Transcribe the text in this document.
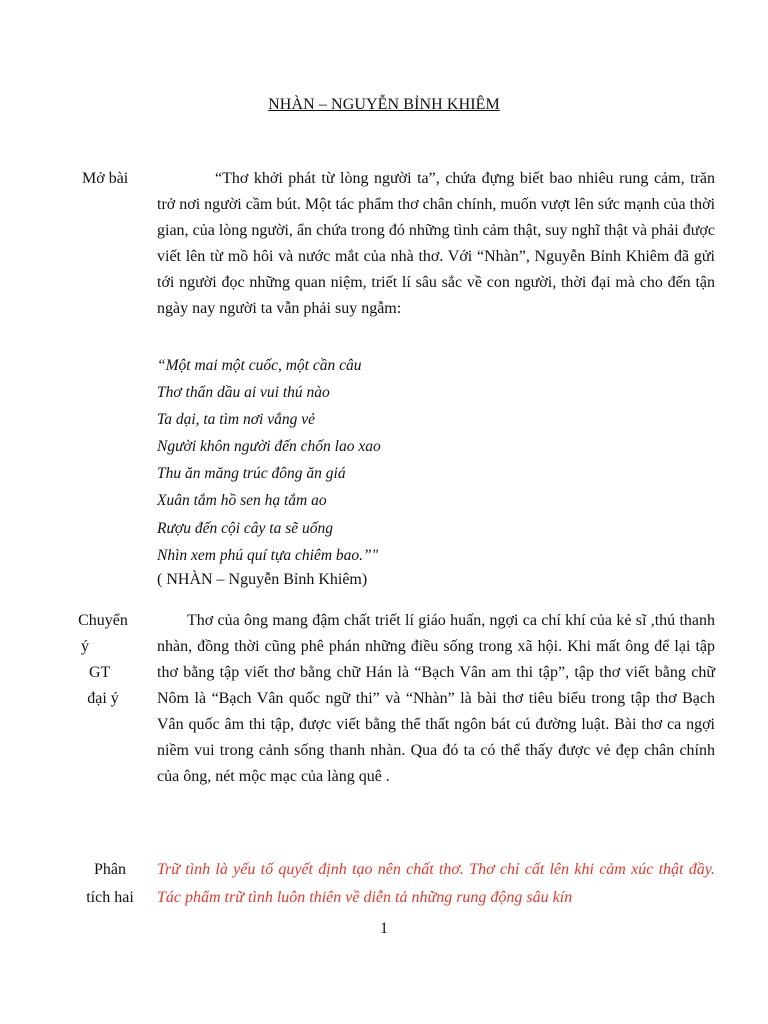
NHÀN – NGUYỄN BỈNH KHIÊM
Mở bài	“Thơ khởi phát từ lòng người ta”, chứa đựng biết bao nhiêu rung cảm, trăn trở nơi người cầm bút. Một tác phẩm thơ chân chính, muốn vượt lên sức mạnh của thời gian, của lòng người, ẩn chứa trong đó những tình cảm thật, suy nghĩ thật và phải được viết lên từ mồ hôi và nước mắt của nhà thơ. Với “Nhàn”, Nguyễn Bỉnh Khiêm đã gửi tới người đọc những quan niệm, triết lí sâu sắc về con người, thời đại mà cho đến tận ngày nay người ta vẫn phải suy ngẫm:
“Một mai một cuốc, một cần câu
Thơ thẩn dầu ai vui thú nào
Ta dại, ta tìm nơi vắng vẻ
Người khôn người đến chốn lao xao
Thu ăn măng trúc đông ăn giá
Xuân tắm hồ sen hạ tắm ao
Rượu đến cội cây ta sẽ uống
Nhìn xem phú quí tựa chiêm bao.”"
( NHÀN – Nguyễn Bỉnh Khiêm)
Chuyển
ý
GT
đại ý
Thơ của ông mang đậm chất triết lí giáo huấn, ngợi ca chí khí của kẻ sĩ ,thú thanh nhàn, đồng thời cũng phê phán những điều sống trong xã hội. Khi mất ông để lại tập thơ bằng tập viết thơ bằng chữ Hán là “Bạch Vân am thi tập”, tập thơ viết bằng chữ Nôm là “Bạch Vân quốc ngữ thi” và “Nhàn” là bài thơ tiêu biểu trong tập thơ Bạch Vân quốc âm thi tập, được viết bằng thể thất ngôn bát cú đường luật. Bài thơ ca ngợi niềm vui trong cảnh sống thanh nhàn. Qua đó ta có thể thấy được vẻ đẹp chân chính của ông, nét mộc mạc của làng quê .
Phân
tích hai
Trữ tình là yếu tố quyết định tạo nên chất thơ. Thơ chỉ cất lên khi cảm xúc thật đầy. Tác phẩm trữ tình luôn thiên về diễn tả những rung động sâu kín
1
